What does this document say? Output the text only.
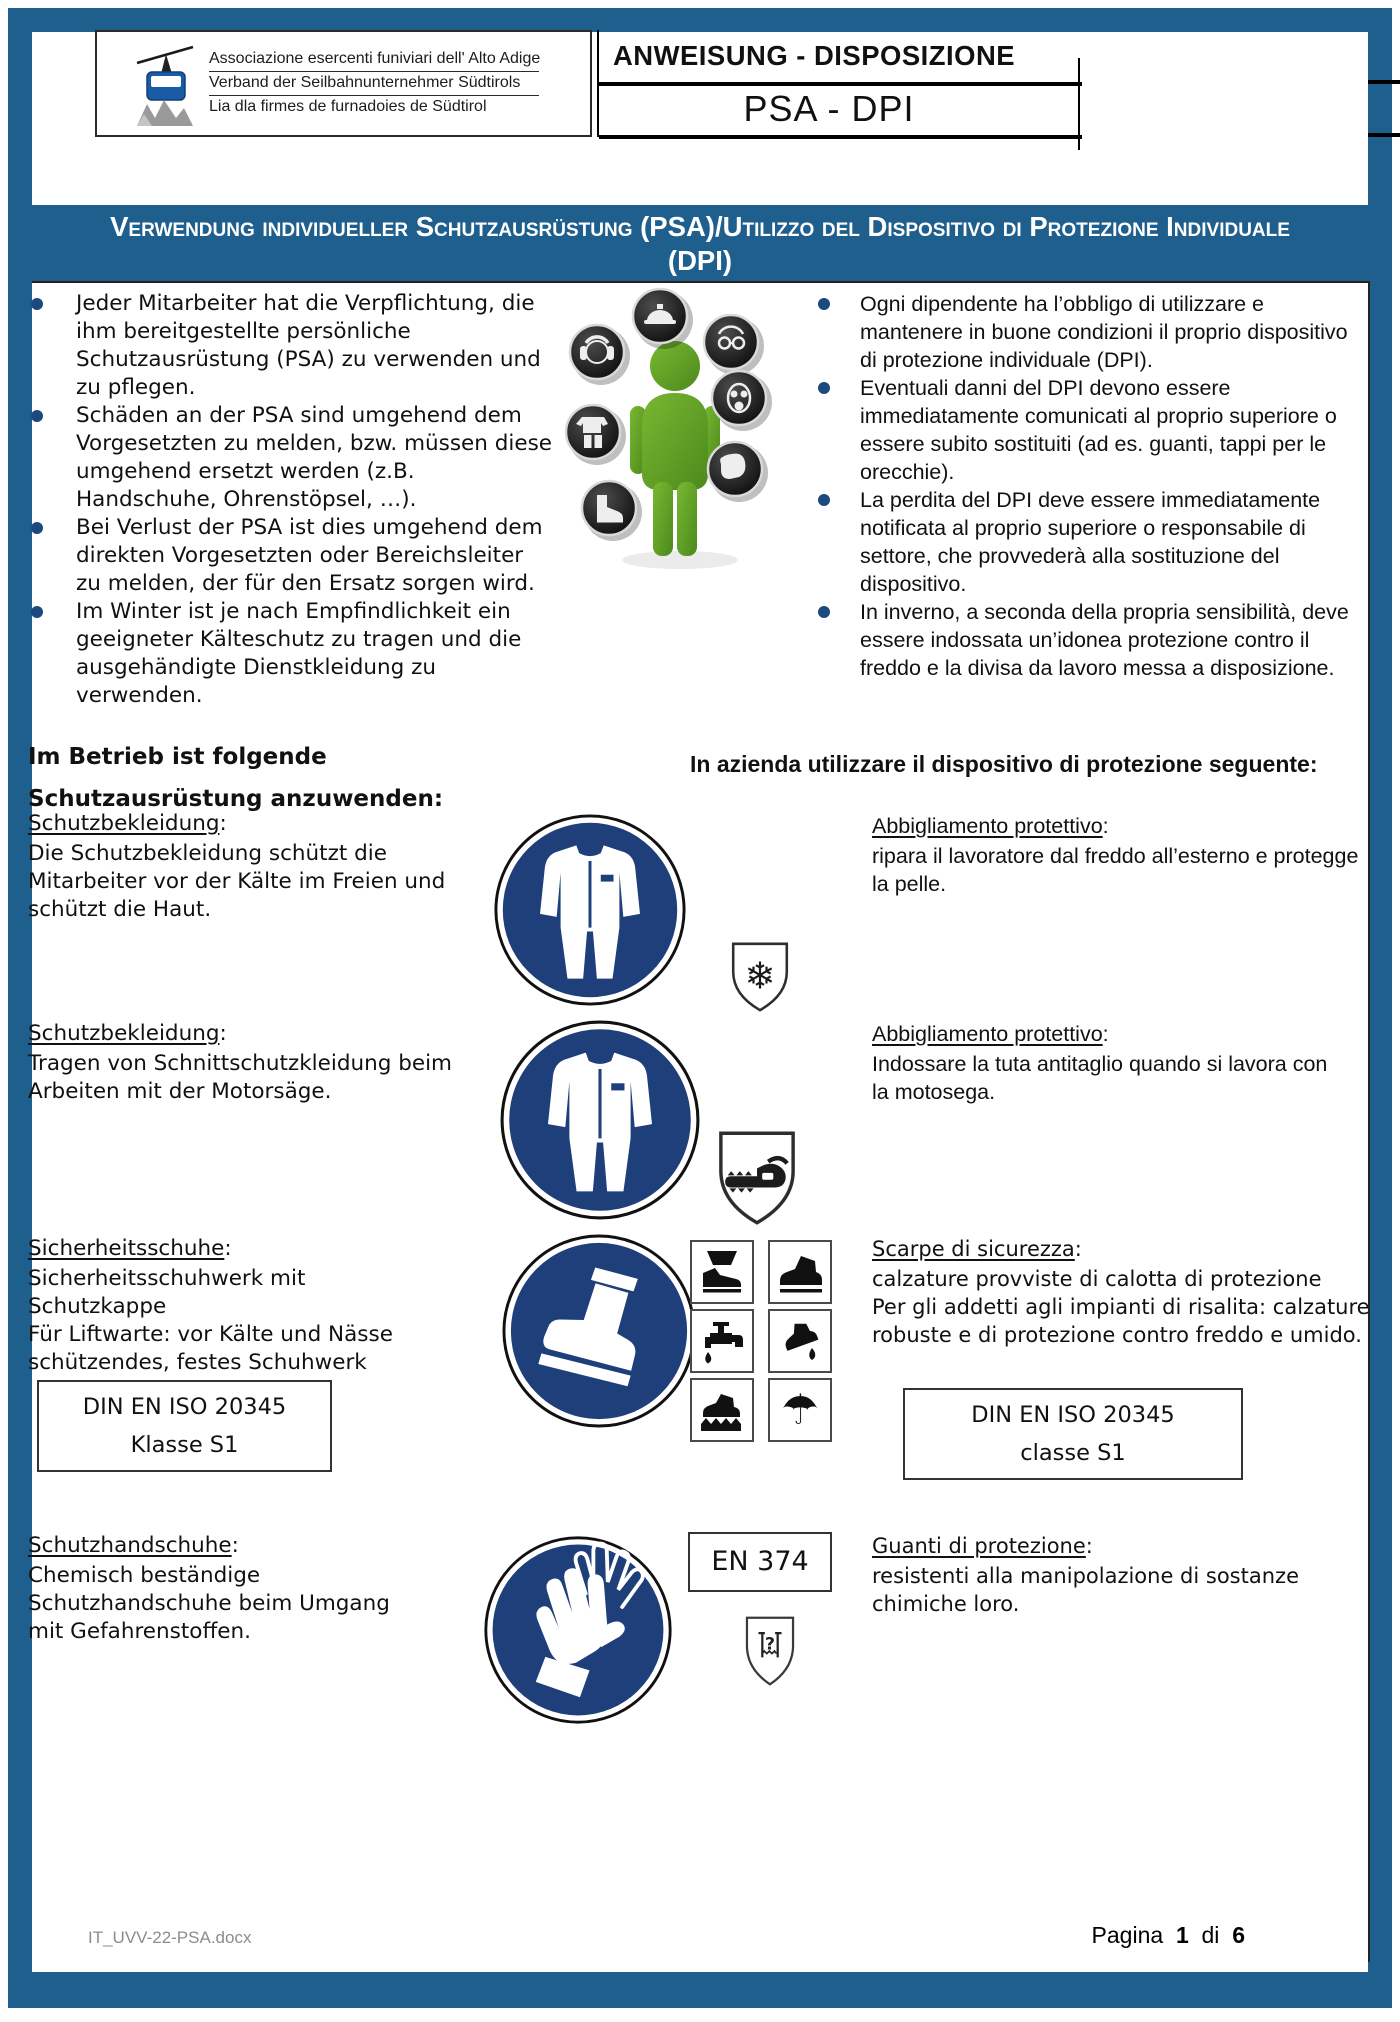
Associazione esercenti funiviari dell' Alto Adige
Verband der Seilbahnunternehmer Südtirols
Lia dla firmes de furnadoies de Südtirol
ANWEISUNG - DISPOSIZIONE
PSA - DPI
Verwendung individueller Schutzausrüstung (PSA)/Utilizzo del Dispositivo di Protezione Individuale (DPI)
Jeder Mitarbeiter hat die Verpflichtung, die ihm bereitgestellte persönliche Schutzausrüstung (PSA) zu verwenden und zu pflegen.
Schäden an der PSA sind umgehend dem Vorgesetzten zu melden, bzw. müssen diese umgehend ersetzt werden (z.B. Handschuhe, Ohrenstöpsel, …).
Bei Verlust der PSA ist dies umgehend dem direkten Vorgesetzten oder Bereichsleiter zu melden, der für den Ersatz sorgen wird.
Im Winter ist je nach Empfindlichkeit ein geeigneter Kälteschutz zu tragen und die ausgehändigte Dienstkleidung zu verwenden.
Ogni dipendente ha l’obbligo di utilizzare e mantenere in buone condizioni il proprio dispositivo di protezione individuale (DPI).
Eventuali danni del DPI devono essere immediatamente comunicati al proprio superiore o essere subito sostituiti (ad es. guanti, tappi per le orecchie).
La perdita del DPI deve essere immediatamente notificata al proprio superiore o responsabile di settore, che provvederà alla sostituzione del dispositivo.
In inverno, a seconda della propria sensibilità, deve essere indossata un’idonea protezione contro il freddo e la divisa da lavoro messa a disposizione.
Im Betrieb ist folgende Schutzausrüstung anzuwenden:
In azienda utilizzare il dispositivo di protezione seguente:
Schutzbekleidung:
Die Schutzbekleidung schützt die Mitarbeiter vor der Kälte im Freien und schützt die Haut.
❄
Abbigliamento protettivo:
ripara il lavoratore dal freddo all’esterno e protegge la pelle.
Schutzbekleidung:
Tragen von Schnittschutzkleidung beim Arbeiten mit der Motorsäge.
Abbigliamento protettivo:
Indossare la tuta antitaglio quando si lavora con la motosega.
Sicherheitsschuhe:
Sicherheitsschuhwerk mit Schutzkappe
Für Liftwarte: vor Kälte und Nässe schützendes, festes Schuhwerk
DIN EN ISO 20345
Klasse S1
☂
Scarpe di sicurezza:
calzature provviste di calotta di protezione
Per gli addetti agli impianti di risalita: calzature robuste e di protezione contro freddo e umido.
DIN EN ISO 20345
classe S1
Schutzhandschuhe:
Chemisch beständige Schutzhandschuhe beim Umgang mit Gefahrenstoffen.
EN 374
?
Guanti di protezione:
resistenti alla manipolazione di sostanze chimiche loro.
IT_UVV-22-PSA.docx	Pagina 1 di 6
